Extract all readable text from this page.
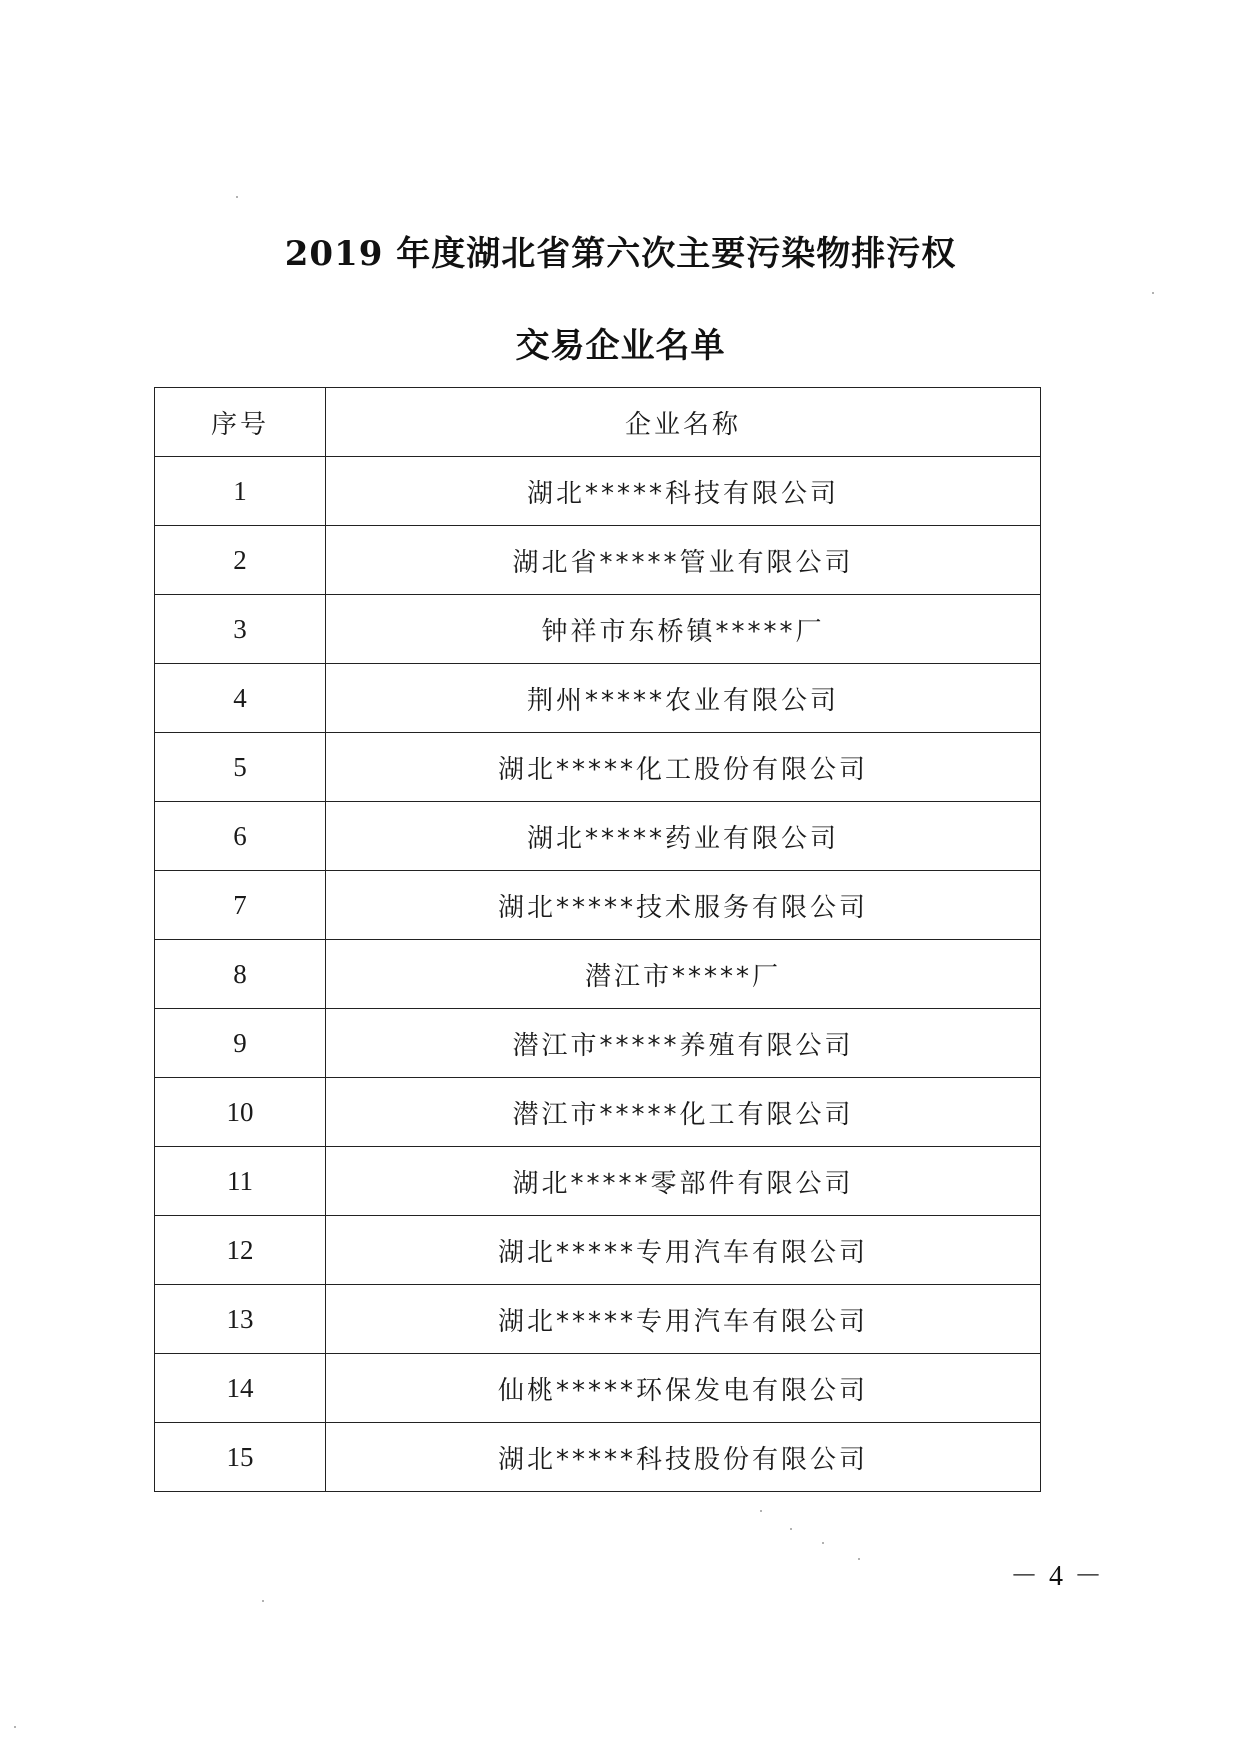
2019 年度湖北省第六次主要污染物排污权
交易企业名单
序号	企业名称
1	湖北*****科技有限公司
2	湖北省*****管业有限公司
3	钟祥市东桥镇*****厂
4	荆州*****农业有限公司
5	湖北*****化工股份有限公司
6	湖北*****药业有限公司
7	湖北*****技术服务有限公司
8	潜江市*****厂
9	潜江市*****养殖有限公司
10	潜江市*****化工有限公司
11	湖北*****零部件有限公司
12	湖北*****专用汽车有限公司
13	湖北*****专用汽车有限公司
14	仙桃*****环保发电有限公司
15	湖北*****科技股份有限公司
－ 4 －
